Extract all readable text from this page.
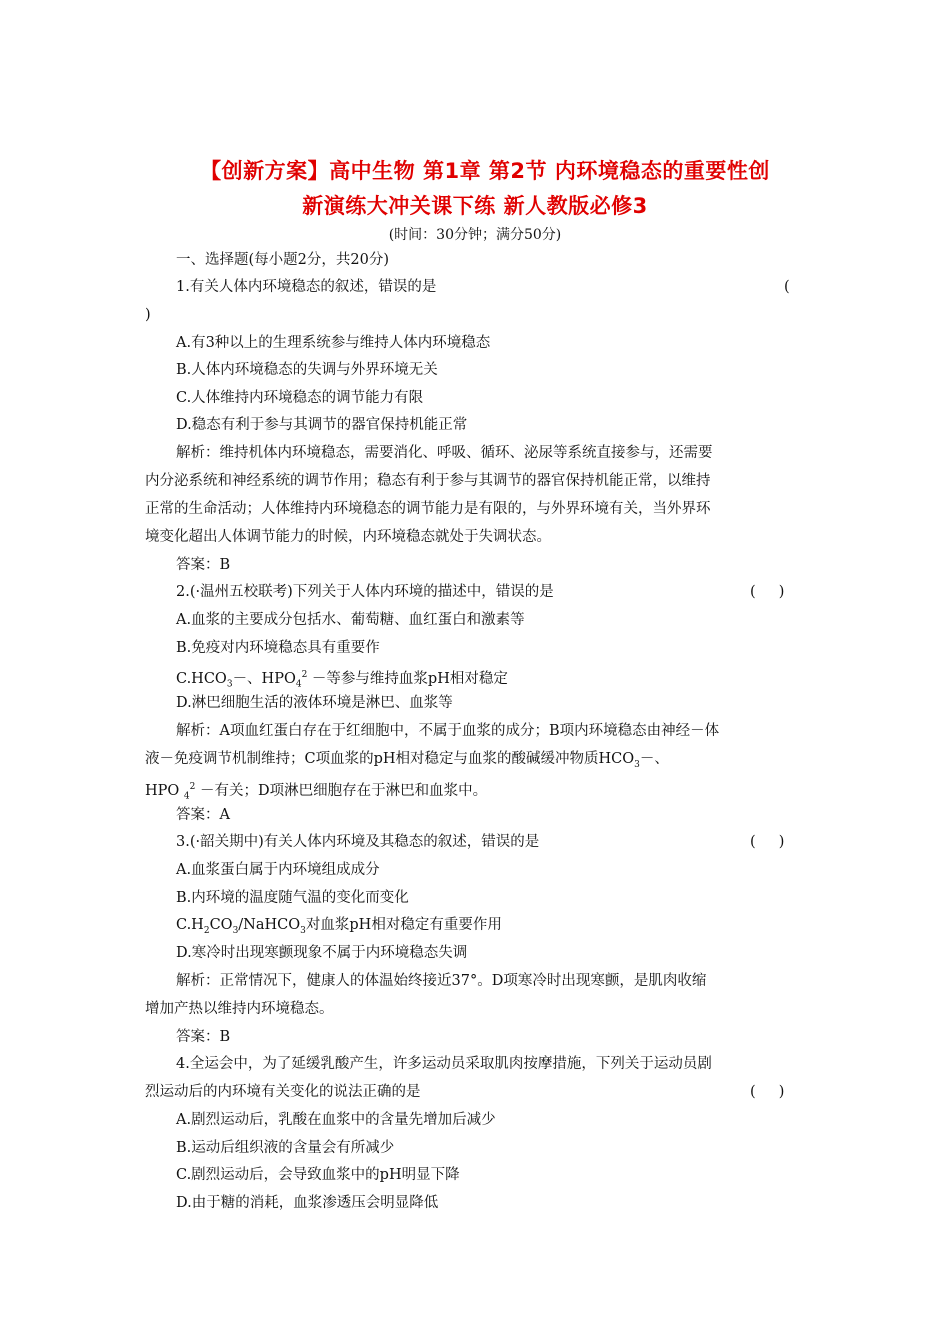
【创新方案】高中生物 第1章 第2节 内环境稳态的重要性创
新演练大冲关课下练 新人教版必修3
(时间：30分钟；满分50分)
一、选择题(每小题2分，共20分)
1.有关人体内环境稳态的叙述，错误的是	(
)
A.有3种以上的生理系统参与维持人体内环境稳态
B.人体内环境稳态的失调与外界环境无关
C.人体维持内环境稳态的调节能力有限
D.稳态有利于参与其调节的器官保持机能正常
解析：维持机体内环境稳态，需要消化、呼吸、循环、泌尿等系统直接参与，还需要
内分泌系统和神经系统的调节作用；稳态有利于参与其调节的器官保持机能正常，以维持
正常的生命活动；人体维持内环境稳态的调节能力是有限的，与外界环境有关，当外界环
境变化超出人体调节能力的时候，内环境稳态就处于失调状态。
答案：B
2.(·温州五校联考)下列关于人体内环境的描述中，错误的是	(     )
A.血浆的主要成分包括水、葡萄糖、血红蛋白和激素等
B.免疫对内环境稳态具有重要作
$C.HCO_3-$、$HPO_4^2$ －等参与维持血浆pH相对稳定
D.淋巴细胞生活的液体环境是淋巴、血浆等
解析：A项血红蛋白存在于红细胞中，不属于血浆的成分；B项内环境稳态由神经－体
液－免疫调节机制维持；C项血浆的pH相对稳定与血浆的酸碱缓冲物质$HCO_3-$、
HPO $_4^2$ －有关；D项淋巴细胞存在于淋巴和血浆中。
答案：A
3.(·韶关期中)有关人体内环境及其稳态的叙述，错误的是	(     )
A.血浆蛋白属于内环境组成成分
B.内环境的温度随气温的变化而变化
$C.H_2CO_3/NaHCO_3$对血浆pH相对稳定有重要作用
D.寒冷时出现寒颤现象不属于内环境稳态失调
解析：正常情况下，健康人的体温始终接近37°。D项寒冷时出现寒颤，是肌肉收缩
增加产热以维持内环境稳态。
答案：B
4.全运会中，为了延缓乳酸产生，许多运动员采取肌肉按摩措施，下列关于运动员剧
烈运动后的内环境有关变化的说法正确的是	(     )
A.剧烈运动后，乳酸在血浆中的含量先增加后减少
B.运动后组织液的含量会有所减少
C.剧烈运动后，会导致血浆中的pH明显下降
D.由于糖的消耗，血浆渗透压会明显降低
